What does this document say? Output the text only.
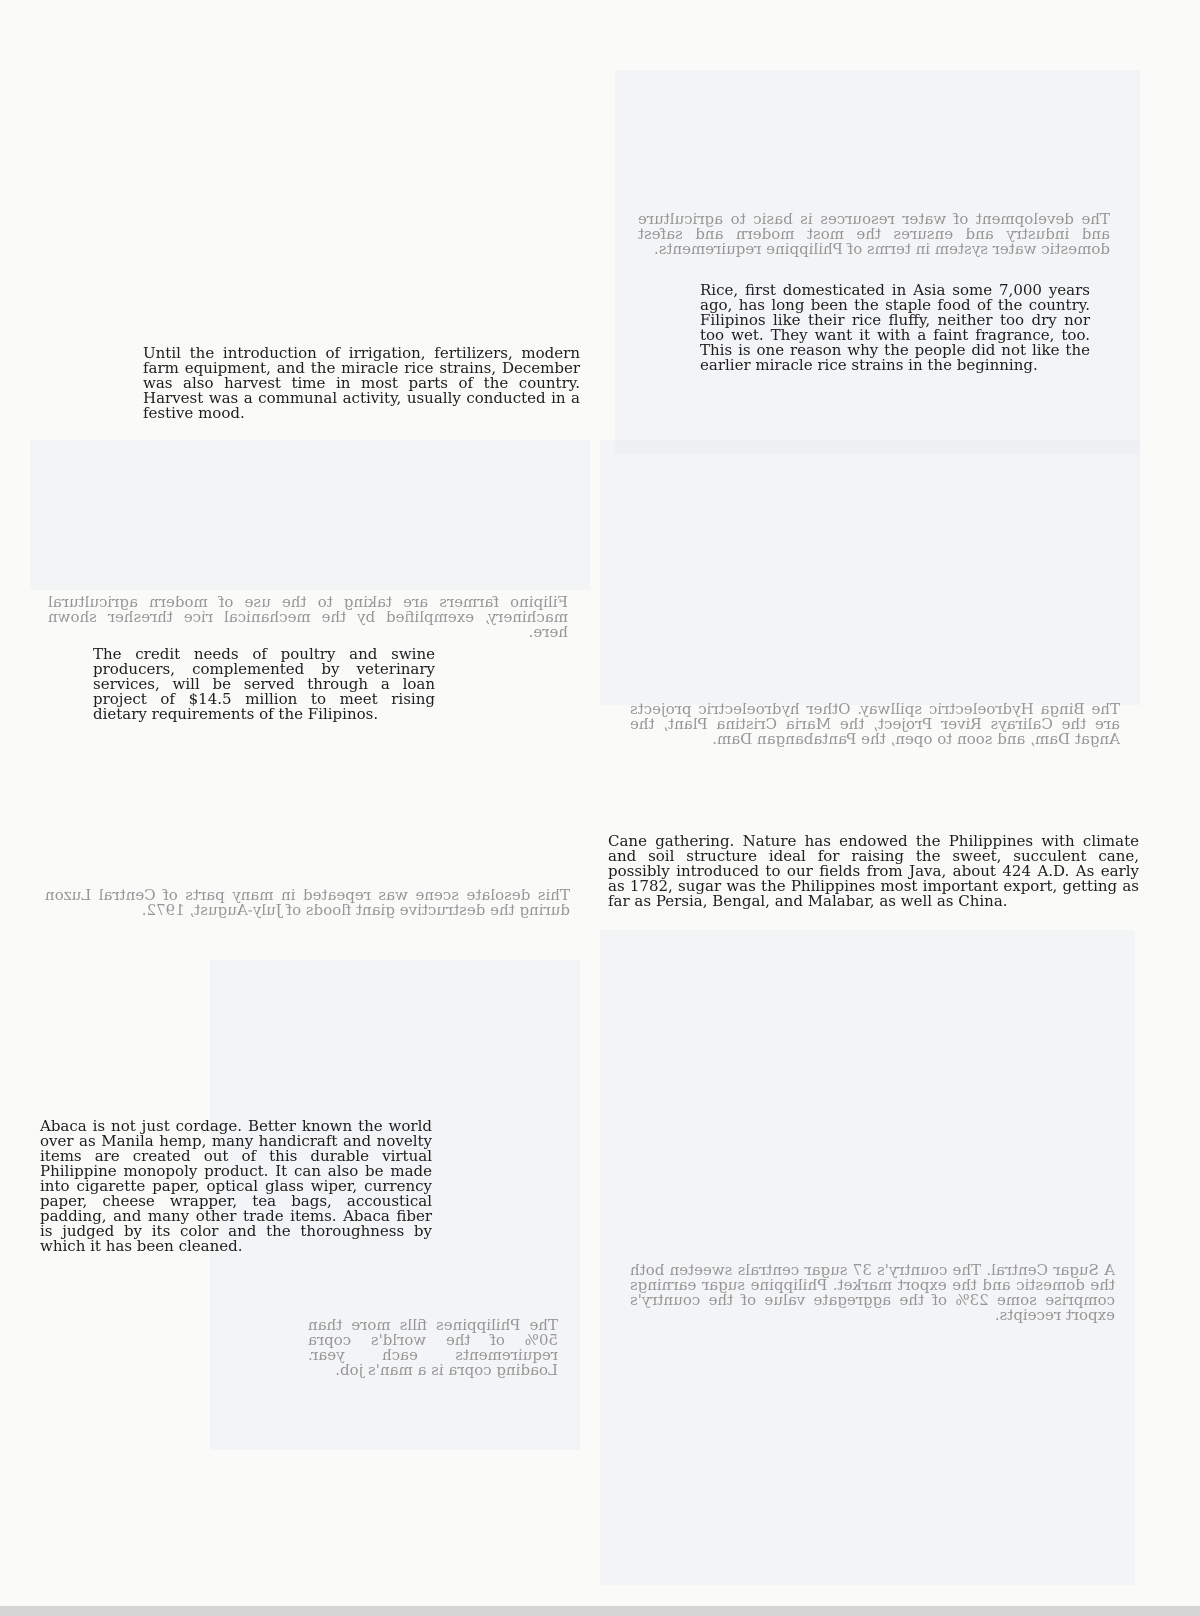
The development of water resources is basic to agriculture and industry and ensures the most modern and safest domestic water system in terms of Philippine requirements.

Filipino farmers are taking to the use of modern agricultural machinery, exemplified by the mechanical rice thresher shown here.

The Binga Hydroelectric spillway. Other hydroelectric projects are the Calirays River Project, the Maria Cristina Plant, the Angat Dam, and soon to open, the Pantabangan Dam.

This desolate scene was repeated in many parts of Central Luzon during the destructive giant floods of July-August, 1972.

The Philippines fills more than 50% of the world's copra requirements each year. Loading copra is a man's job.

A Sugar Central. The country's 37 sugar centrals sweeten both the domestic and the export market. Philippine sugar earnings comprise some 23% of the aggregate value of the country's export receipts.

Rice, first domesticated in Asia some 7,000 years ago, has long been the staple food of the country. Filipinos like their rice fluffy, neither too dry nor too wet. They want it with a faint fragrance, too. This is one reason why the people did not like the earlier miracle rice strains in the beginning.

Until the introduction of irrigation, fertilizers, modern farm equipment, and the miracle rice strains, December was also harvest time in most parts of the country. Harvest was a communal activity, usually conducted in a festive mood.

The credit needs of poultry and swine producers, complemented by veterinary services, will be served through a loan project of $14.5 million to meet rising dietary requirements of the Filipinos.

Cane gathering. Nature has endowed the Philippines with climate and soil structure ideal for raising the sweet, succulent cane, possibly introduced to our fields from Java, about 424 A.D. As early as 1782, sugar was the Philippines most important export, getting as far as Persia, Bengal, and Malabar, as well as China.

Abaca is not just cordage. Better known the world over as Manila hemp, many handicraft and novelty items are created out of this durable virtual Philippine monopoly product. It can also be made into cigarette paper, optical glass wiper, currency paper, cheese wrapper, tea bags, accoustical padding, and many other trade items. Abaca fiber is judged by its color and the thoroughness by which it has been cleaned.
